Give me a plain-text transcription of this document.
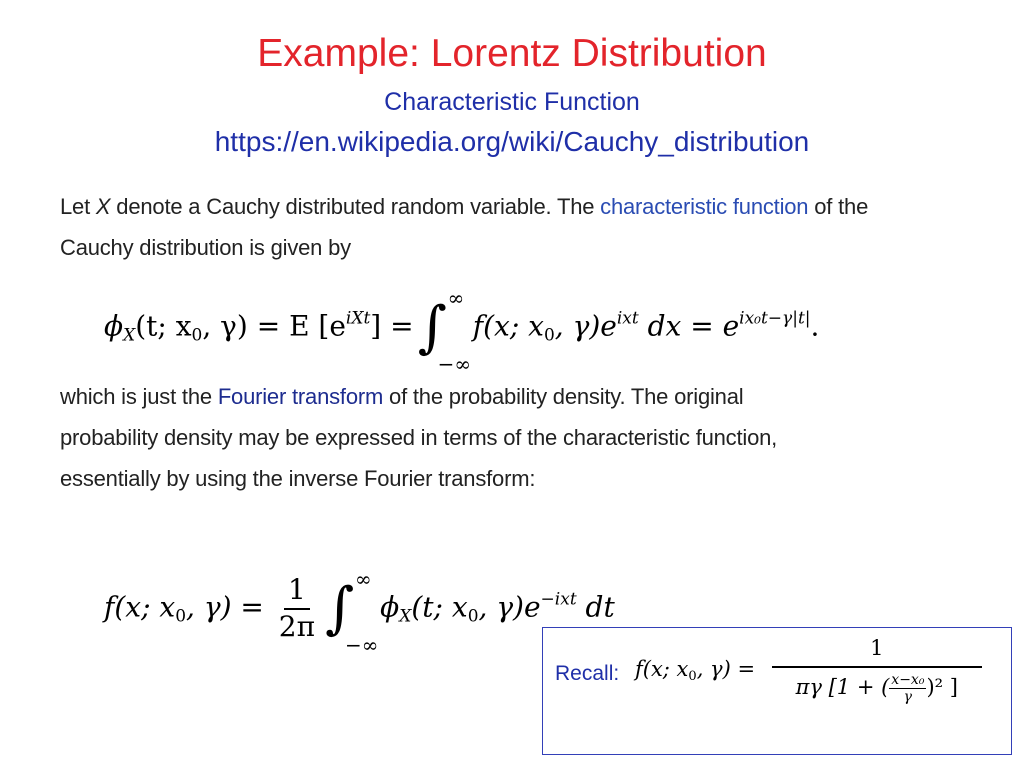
Example: Lorentz Distribution
Characteristic Function
https://en.wikipedia.org/wiki/Cauchy_distribution
Let X denote a Cauchy distributed random variable. The characteristic function of the Cauchy distribution is given by
$\phi_X(t$; $x_0$, γ) = E $[e^{iXt}]$ =∫ ∞
−∞
f(x; $x_0$, $\gamma)e^{ixt}$ dx = $e^{ix_0t-\gamma|t|}$.
which is just the Fourier transform of the probability density. The original probability density may be expressed in terms of the characteristic function, essentially by using the inverse Fourier transform:
f(x; $x_0$, $\gamma) = \frac{1}{2\pi}$ ∫ ∞
−∞
$\phi_X(t$; $x_0$, $\gamma)e^{-ixt}$ dt
Recall: f(x; $x_0$, $\gamma) = \frac{1}{\pi\gamma [1 + ( \frac{\text{x−x₀}}{\gamma} )^2 ]}$
